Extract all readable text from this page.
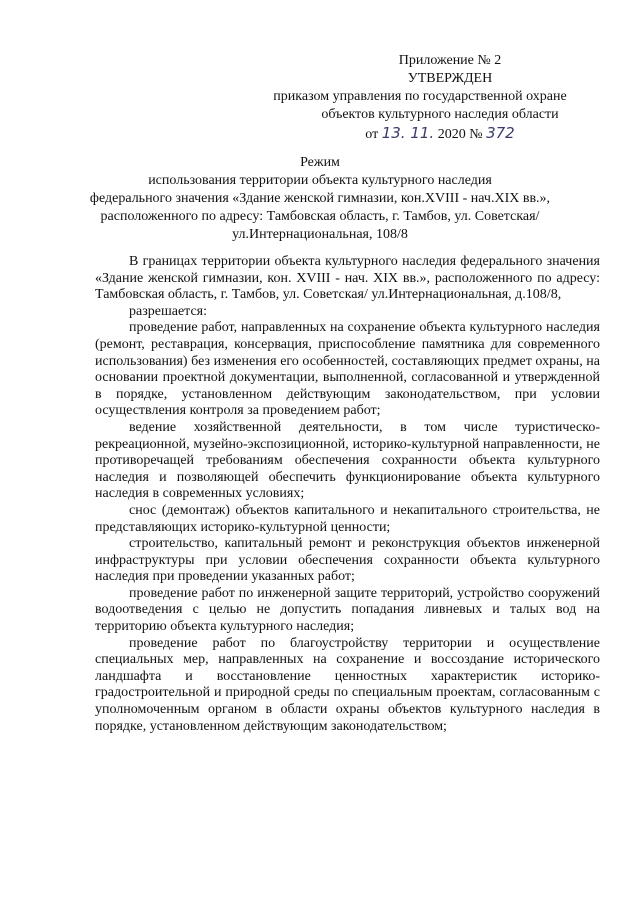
Приложение № 2
УТВЕРЖДЕН
приказом управления по государственной охране
объектов культурного наследия области
от 13. 11. 2020 № 372
Режим
использования территории объекта культурного наследия
федерального значения «Здание женской гимназии, кон.XVIII - нач.XIX вв.»,
расположенного по адресу: Тамбовская область, г. Тамбов, ул. Советская/
ул.Интернациональная, 108/8

В границах территории объекта культурного наследия федерального значения «Здание женской гимназии, кон. XVIII - нач. XIX вв.», расположенного по адресу: Тамбовская область, г. Тамбов, ул. Советская/ ул.Интернациональная, д.108/8,

разрешается:

проведение работ, направленных на сохранение объекта культурного наследия (ремонт, реставрация, консервация, приспособление памятника для современного использования) без изменения его особенностей, составляющих предмет охраны, на основании проектной документации, выполненной, согласованной и утвержденной в порядке, установленном действующим законодательством, при условии осуществления контроля за проведением работ;

ведение хозяйственной деятельности, в том числе туристическо-рекреационной, музейно-экспозиционной, историко-культурной направленности, не противоречащей требованиям обеспечения сохранности объекта культурного наследия и позволяющей обеспечить функционирование объекта культурного наследия в современных условиях;

снос (демонтаж) объектов капитального и некапитального строительства, не представляющих историко-культурной ценности;

строительство, капитальный ремонт и реконструкция объектов инженерной инфраструктуры при условии обеспечения сохранности объекта культурного наследия при проведении указанных работ;

проведение работ по инженерной защите территорий, устройство сооружений водоотведения с целью не допустить попадания ливневых и талых вод на территорию объекта культурного наследия;

проведение работ по благоустройству территории и осуществление специальных мер, направленных на сохранение и воссоздание исторического ландшафта и восстановление ценностных характеристик историко-градостроительной и природной среды по специальным проектам, согласованным с уполномоченным органом в области охраны объектов культурного наследия в порядке, установленном действующим законодательством;
